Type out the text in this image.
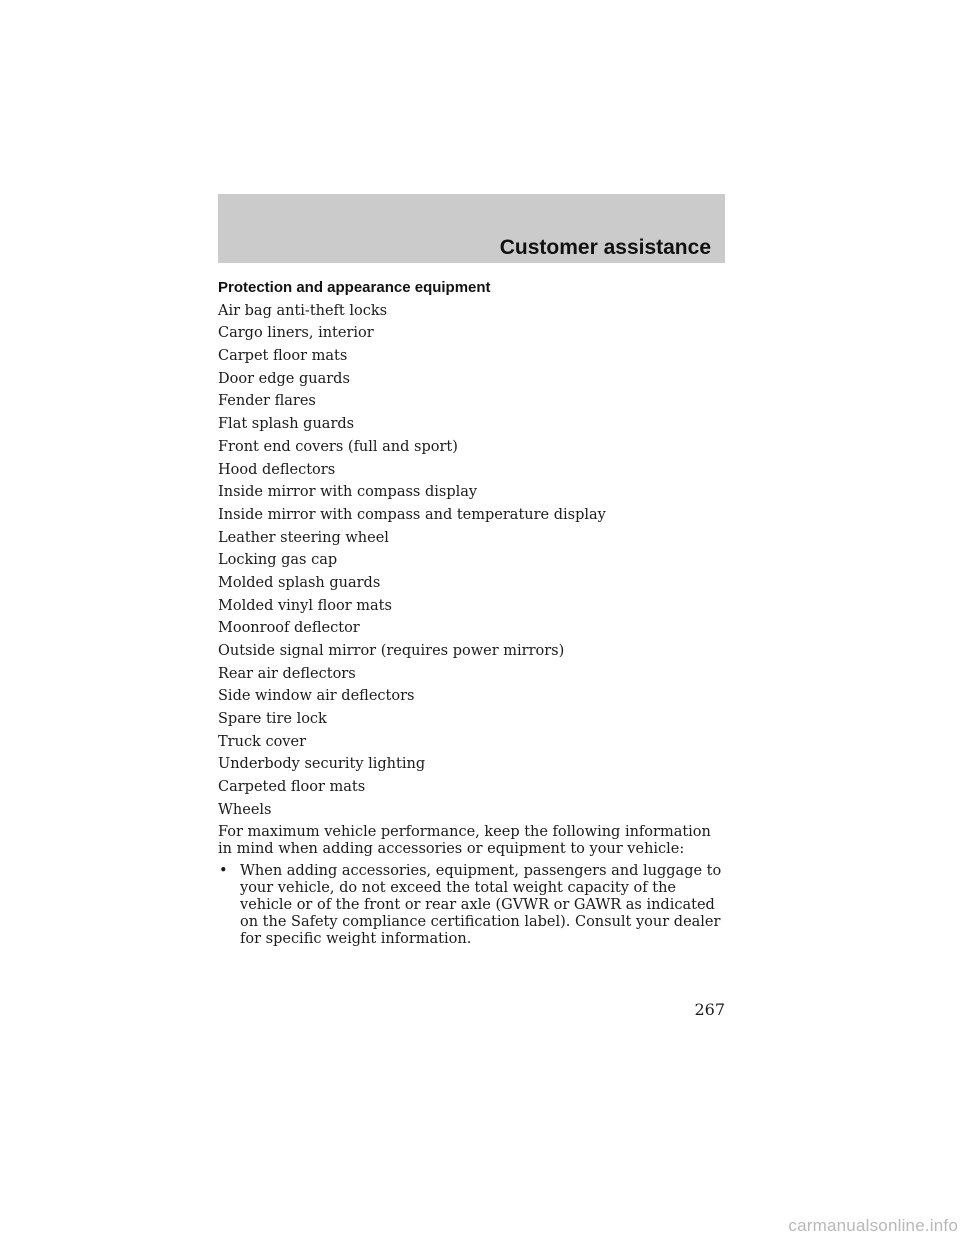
Customer assistance
Protection and appearance equipment
Air bag anti-theft locks
Cargo liners, interior
Carpet floor mats
Door edge guards
Fender flares
Flat splash guards
Front end covers (full and sport)
Hood deflectors
Inside mirror with compass display
Inside mirror with compass and temperature display
Leather steering wheel
Locking gas cap
Molded splash guards
Molded vinyl floor mats
Moonroof deflector
Outside signal mirror (requires power mirrors)
Rear air deflectors
Side window air deflectors
Spare tire lock
Truck cover
Underbody security lighting
Carpeted floor mats
Wheels

For maximum vehicle performance, keep the following information in mind when adding accessories or equipment to your vehicle:

• When adding accessories, equipment, passengers and luggage to your vehicle, do not exceed the total weight capacity of the vehicle or of the front or rear axle (GVWR or GAWR as indicated on the Safety compliance certification label). Consult your dealer for specific weight information.
267
carmanualsonline.info
